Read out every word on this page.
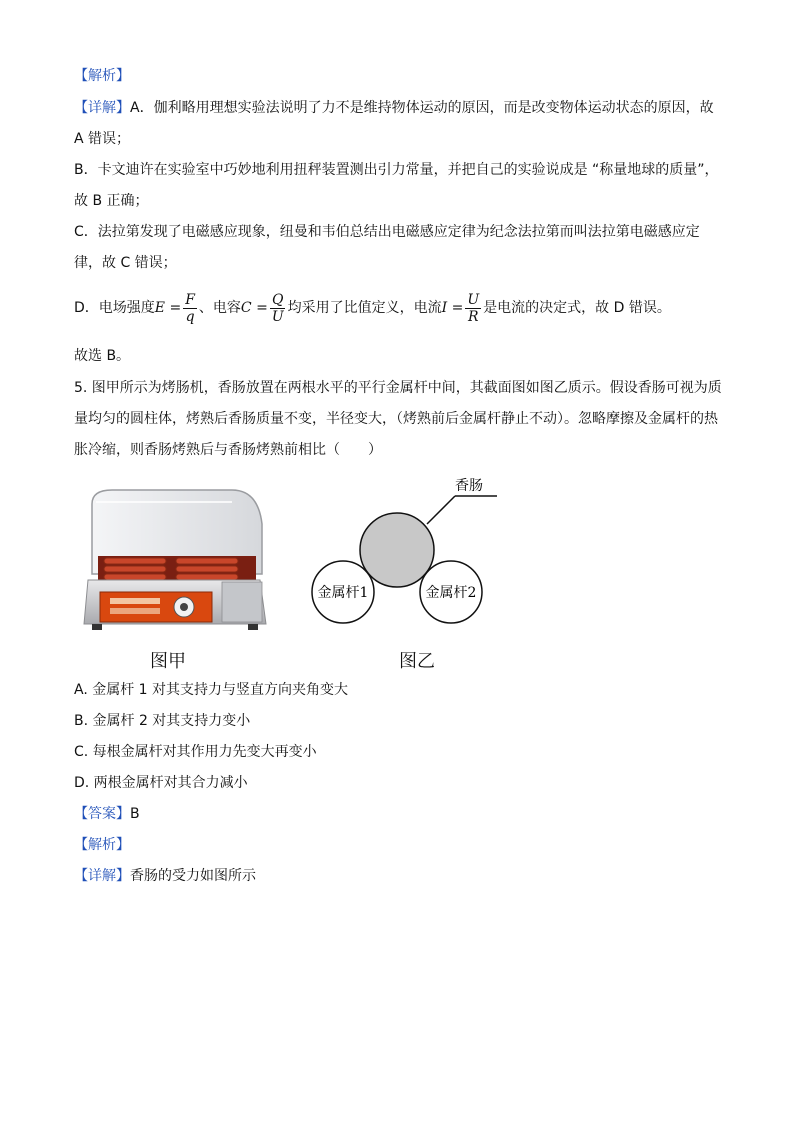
【解析】
【详解】A．伽利略用理想实验法说明了力不是维持物体运动的原因，而是改变物体运动状态的原因，故
A 错误；
B．卡文迪许在实验室中巧妙地利用扭秤装置测出引力常量，并把自己的实验说成是 “称量地球的质量”，
故 B 正确；
C．法拉第发现了电磁感应现象，纽曼和韦伯总结出电磁感应定律为纪念法拉第而叫法拉第电磁感应定
律，故 C 错误；
D．电场强度 $E = \frac{F}{q}$ 、电容 $C = \frac{Q}{U}$ 均采用了比值定义，电流 $I = \frac{U}{R}$ 是电流的决定式，故 D 错误。
故选 B。
5. 图甲所示为烤肠机，香肠放置在两根水平的平行金属杆中间，其截面图如图乙质示。假设香肠可视为质
量均匀的圆柱体，烤熟后香肠质量不变，半径变大，（烤熟前后金属杆静止不动）。忽略摩擦及金属杆的热
胀冷缩，则香肠烤熟后与香肠烤熟前相比（　　）
香肠
金属杆1	金属杆2
图甲	图乙
A. 金属杆 1 对其支持力与竖直方向夹角变大
B. 金属杆 2 对其支持力变小
C. 每根金属杆对其作用力先变大再变小
D. 两根金属杆对其合力减小
【答案】B
【解析】
【详解】香肠的受力如图所示
